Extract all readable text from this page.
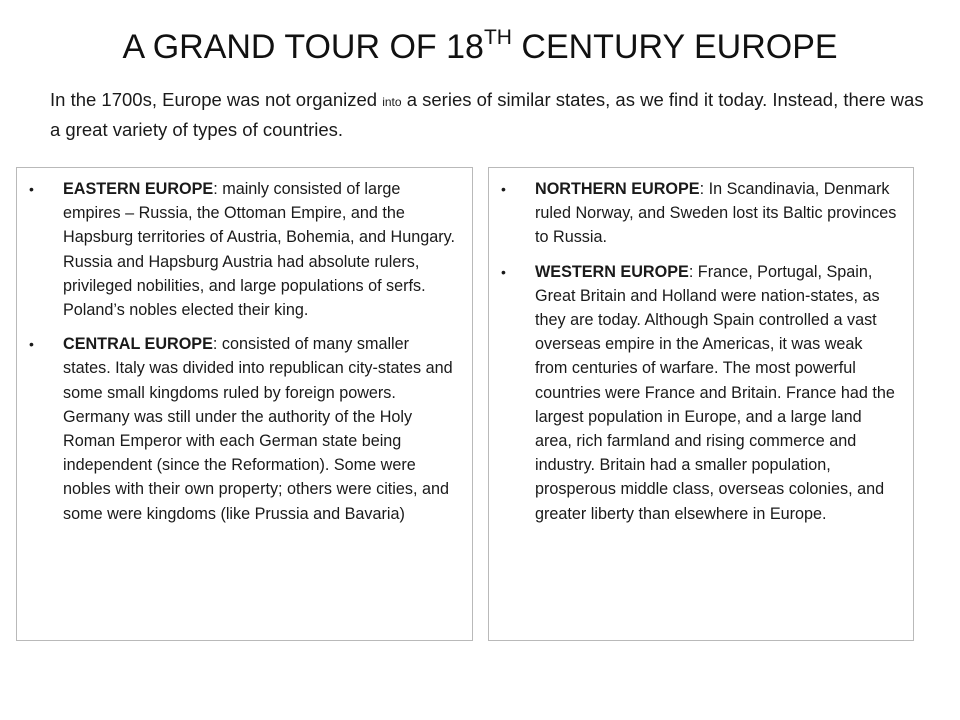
A GRAND TOUR OF 18TH CENTURY EUROPE

In the 1700s, Europe was not organized into a series of similar states, as we find it today. Instead, there was a great variety of types of countries.

• EASTERN EUROPE: mainly consisted of large empires – Russia, the Ottoman Empire, and the Hapsburg territories of Austria, Bohemia, and Hungary. Russia and Hapsburg Austria had absolute rulers, privileged nobilities, and large populations of serfs. Poland’s nobles elected their king.
• CENTRAL EUROPE: consisted of many smaller states. Italy was divided into republican city-states and some small kingdoms ruled by foreign powers. Germany was still under the authority of the Holy Roman Emperor with each German state being independent (since the Reformation). Some were nobles with their own property; others were cities, and some were kingdoms (like Prussia and Bavaria)
• NORTHERN EUROPE: In Scandinavia, Denmark ruled Norway, and Sweden lost its Baltic provinces to Russia.
• WESTERN EUROPE: France, Portugal, Spain, Great Britain and Holland were nation-states, as they are today. Although Spain controlled a vast overseas empire in the Americas, it was weak from centuries of warfare. The most powerful countries were France and Britain. France had the largest population in Europe, and a large land area, rich farmland and rising commerce and industry. Britain had a smaller population, prosperous middle class, overseas colonies, and greater liberty than elsewhere in Europe.
